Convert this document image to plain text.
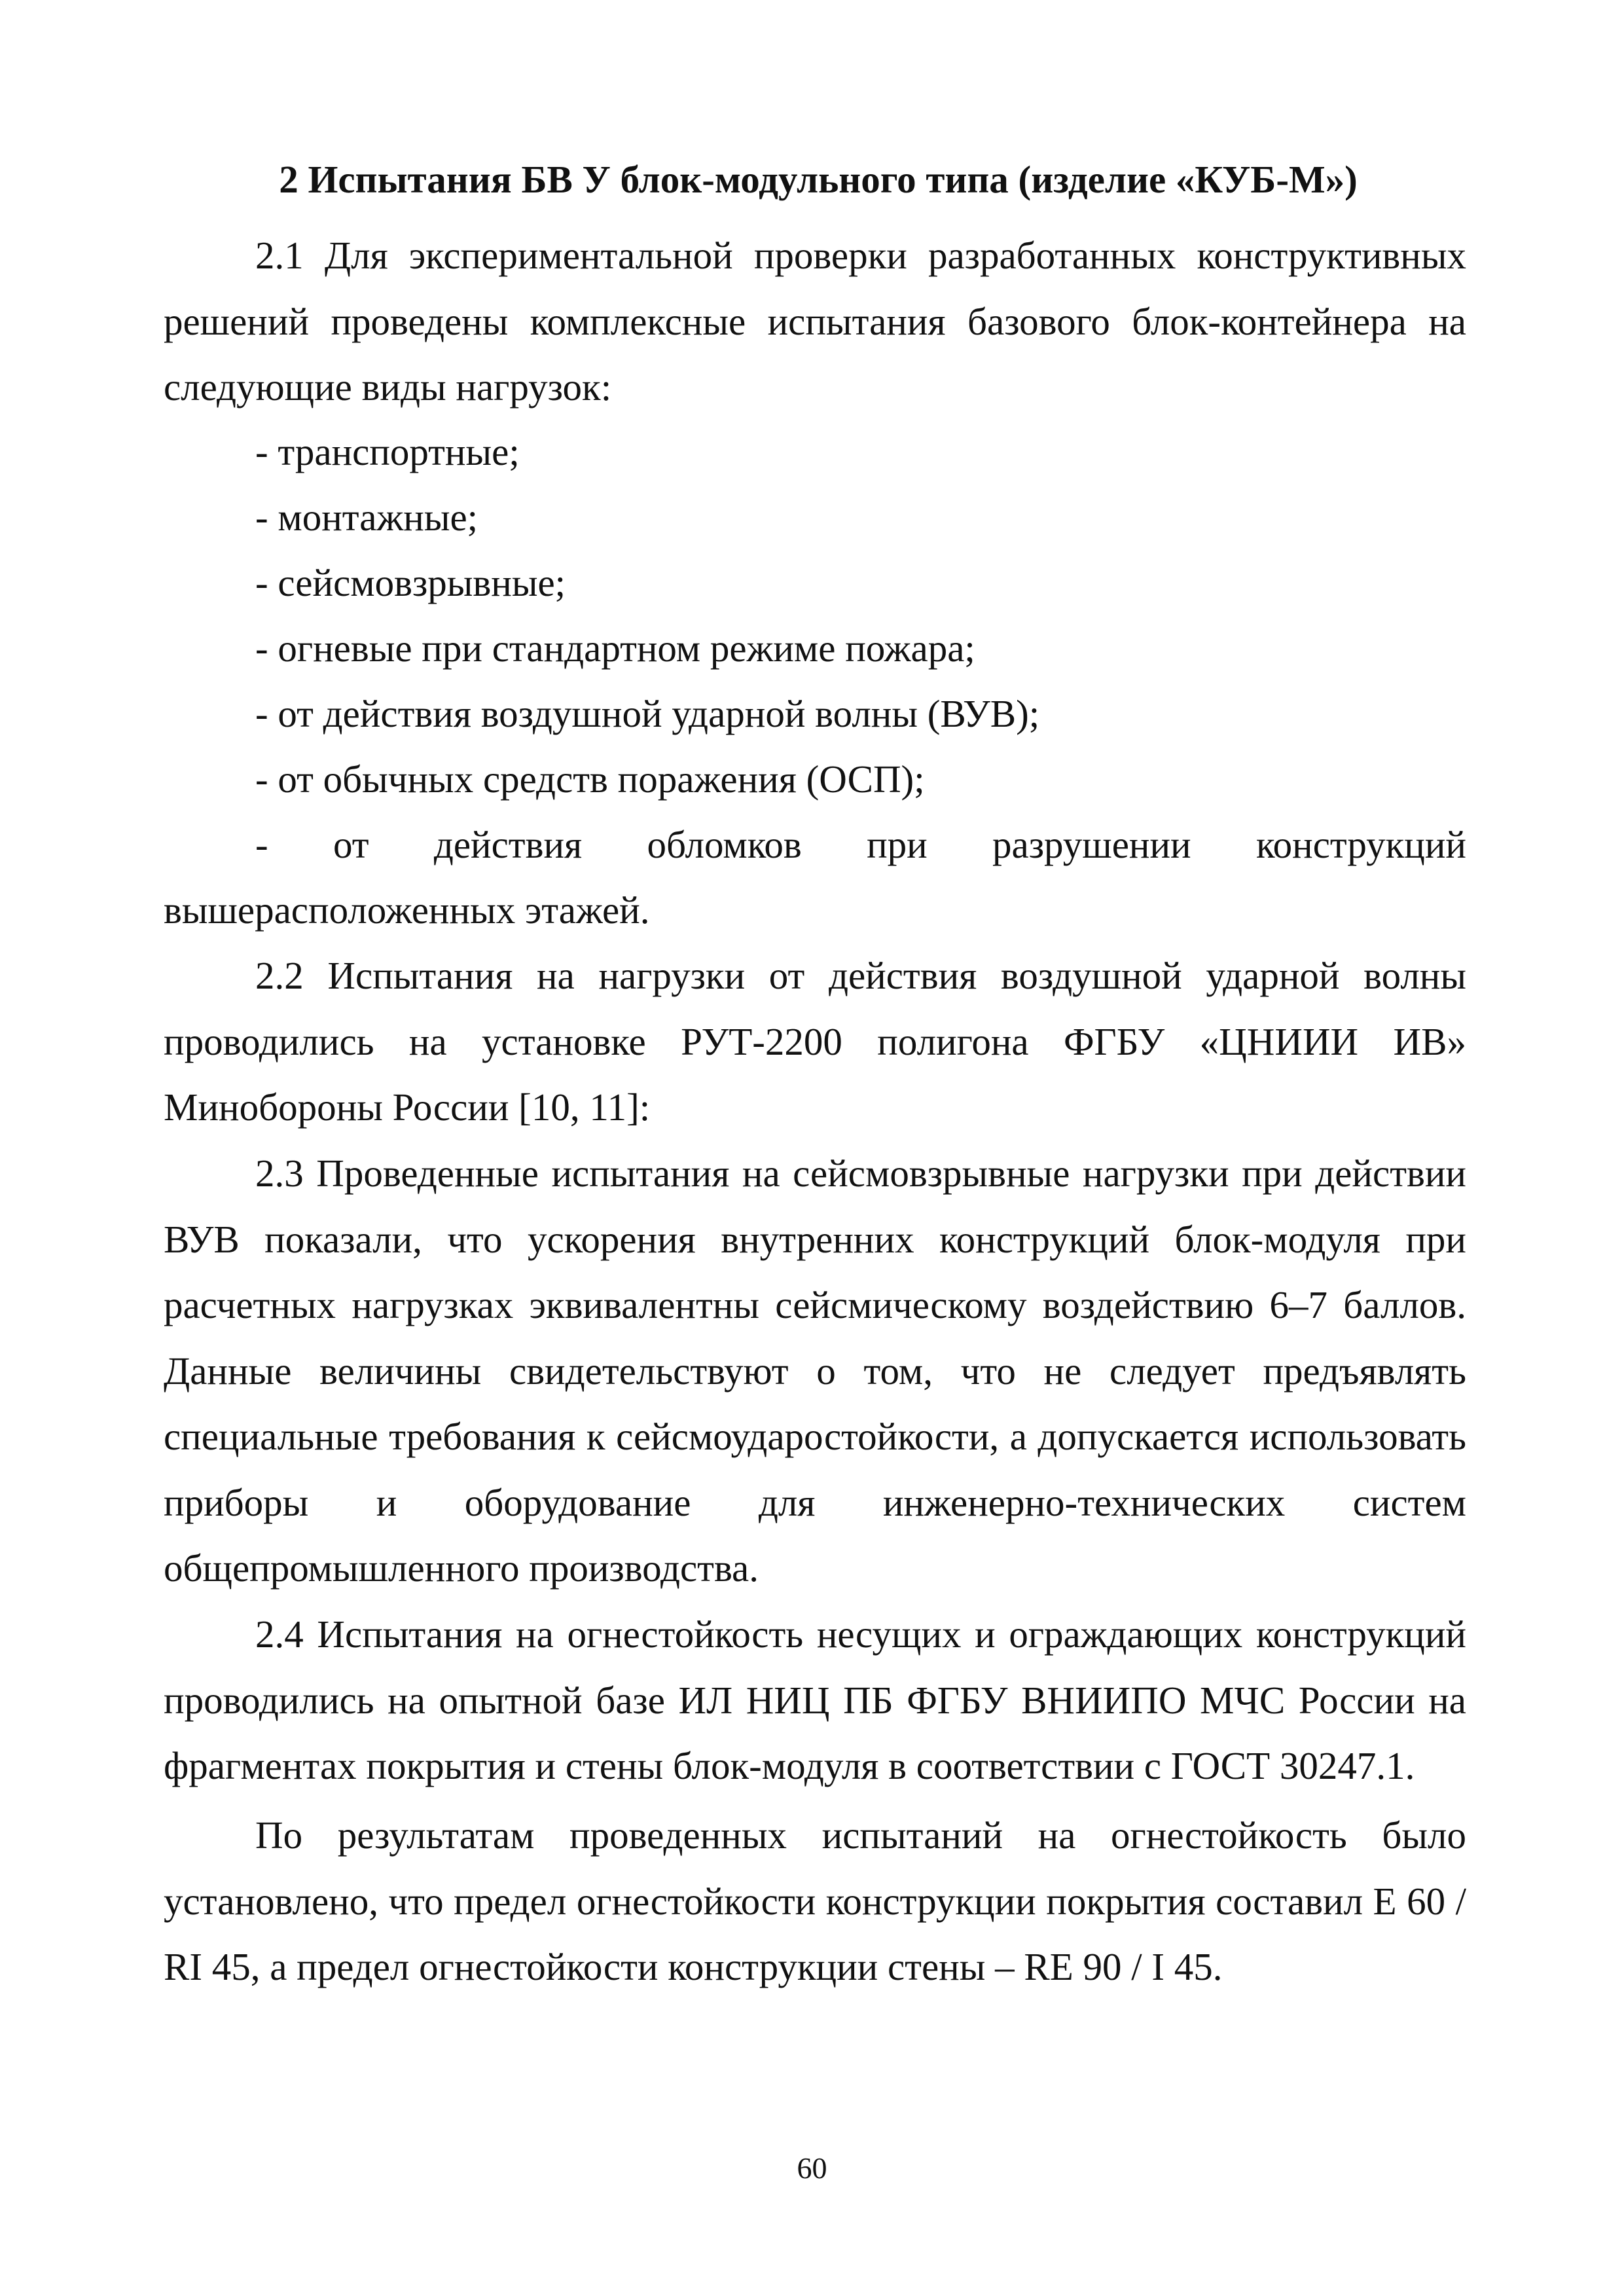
2 Испытания БВ У блок-модульного типа (изделие «КУБ-М»)
2.1 Для экспериментальной проверки разработанных конструктивных решений проведены комплексные испытания базового блок-контейнера на следующие виды нагрузок:
- транспортные;
- монтажные;
- сейсмовзрывные;
- огневые при стандартном режиме пожара;
- от действия воздушной ударной волны (ВУВ);
- от обычных средств поражения (ОСП);
- от действия обломков при разрушении конструкций вышерасположенных этажей.
2.2 Испытания на нагрузки от действия воздушной ударной волны проводились на установке РУТ-2200 полигона ФГБУ «ЦНИИИ ИВ» Минобороны России [10, 11]:
2.3 Проведенные испытания на сейсмовзрывные нагрузки при действии ВУВ показали, что ускорения внутренних конструкций блок-модуля при расчетных нагрузках эквивалентны сейсмическому воздействию 6–7 баллов. Данные величины свидетельствуют о том, что не следует предъявлять специальные требования к сейсмоударостойкости, а допускается использовать приборы и оборудование для инженерно-технических систем общепромышленного производства.
2.4 Испытания на огнестойкость несущих и ограждающих конструкций проводились на опытной базе ИЛ НИЦ ПБ ФГБУ ВНИИПО МЧС России на фрагментах покрытия и стены блок-модуля в соответствии с ГОСТ 30247.1.
По результатам проведенных испытаний на огнестойкость было установлено, что предел огнестойкости конструкции покрытия составил Е 60 / RI 45, а предел огнестойкости конструкции стены – RE 90 / I 45.
60
